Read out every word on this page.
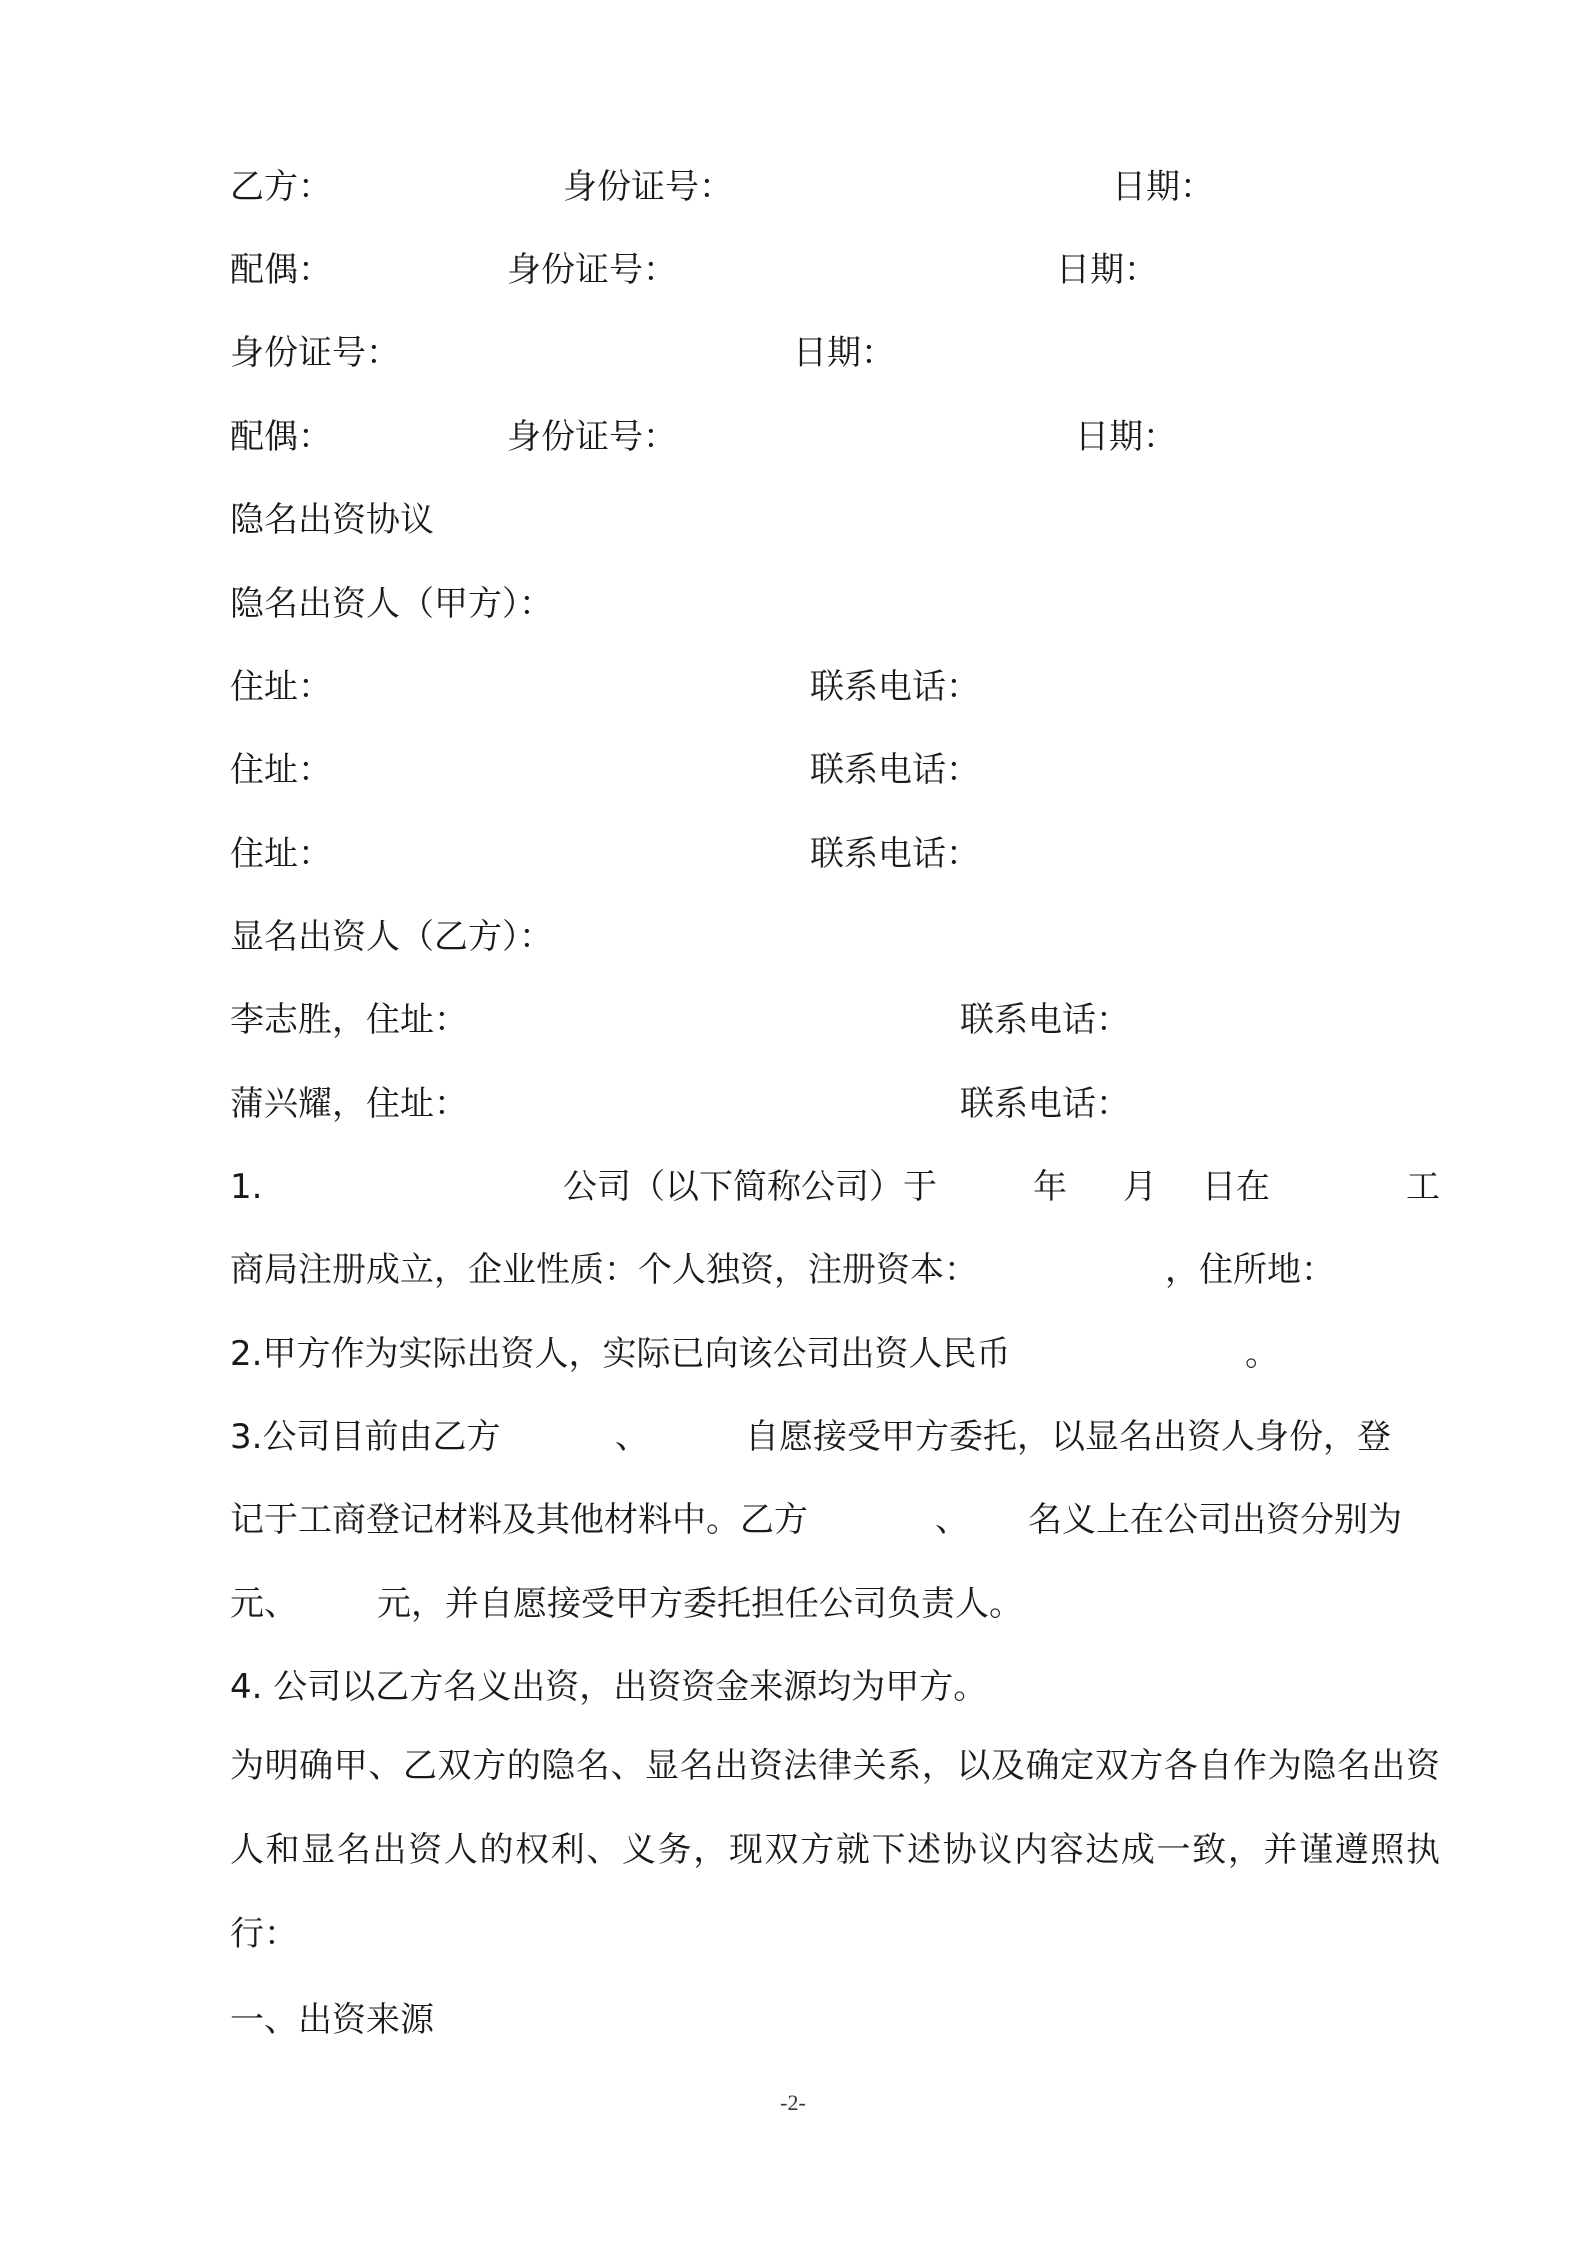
乙方：	身份证号：	日期：
配偶：	身份证号：	日期：
身份证号：	日期：
配偶：	身份证号：	日期：
隐名出资协议
隐名出资人（甲方）：
住址：	联系电话：
住址：	联系电话：
住址：	联系电话：
显名出资人（乙方）：
李志胜，住址：	联系电话：
蒲兴耀，住址：	联系电话：
1.	公司（以下简称公司）于	年 月 日在	工
商局注册成立，企业性质：个人独资，注册资本：	，住所地：
2.甲方作为实际出资人，实际已向该公司出资人民币	。
3.公司目前由乙方	、	自愿接受甲方委托，以显名出资人身份，登
记于工商登记材料及其他材料中。乙方	、 名义上在公司出资分别为
元、 元，并自愿接受甲方委托担任公司负责人。
4. 公司以乙方名义出资，出资资金来源均为甲方。
为明确甲、乙双方的隐名、显名出资法律关系，以及确定双方各自作为隐名出资人和显名出资人的权利、义务，现双方就下述协议内容达成一致，并谨遵照执行：
一、出资来源
-2-
